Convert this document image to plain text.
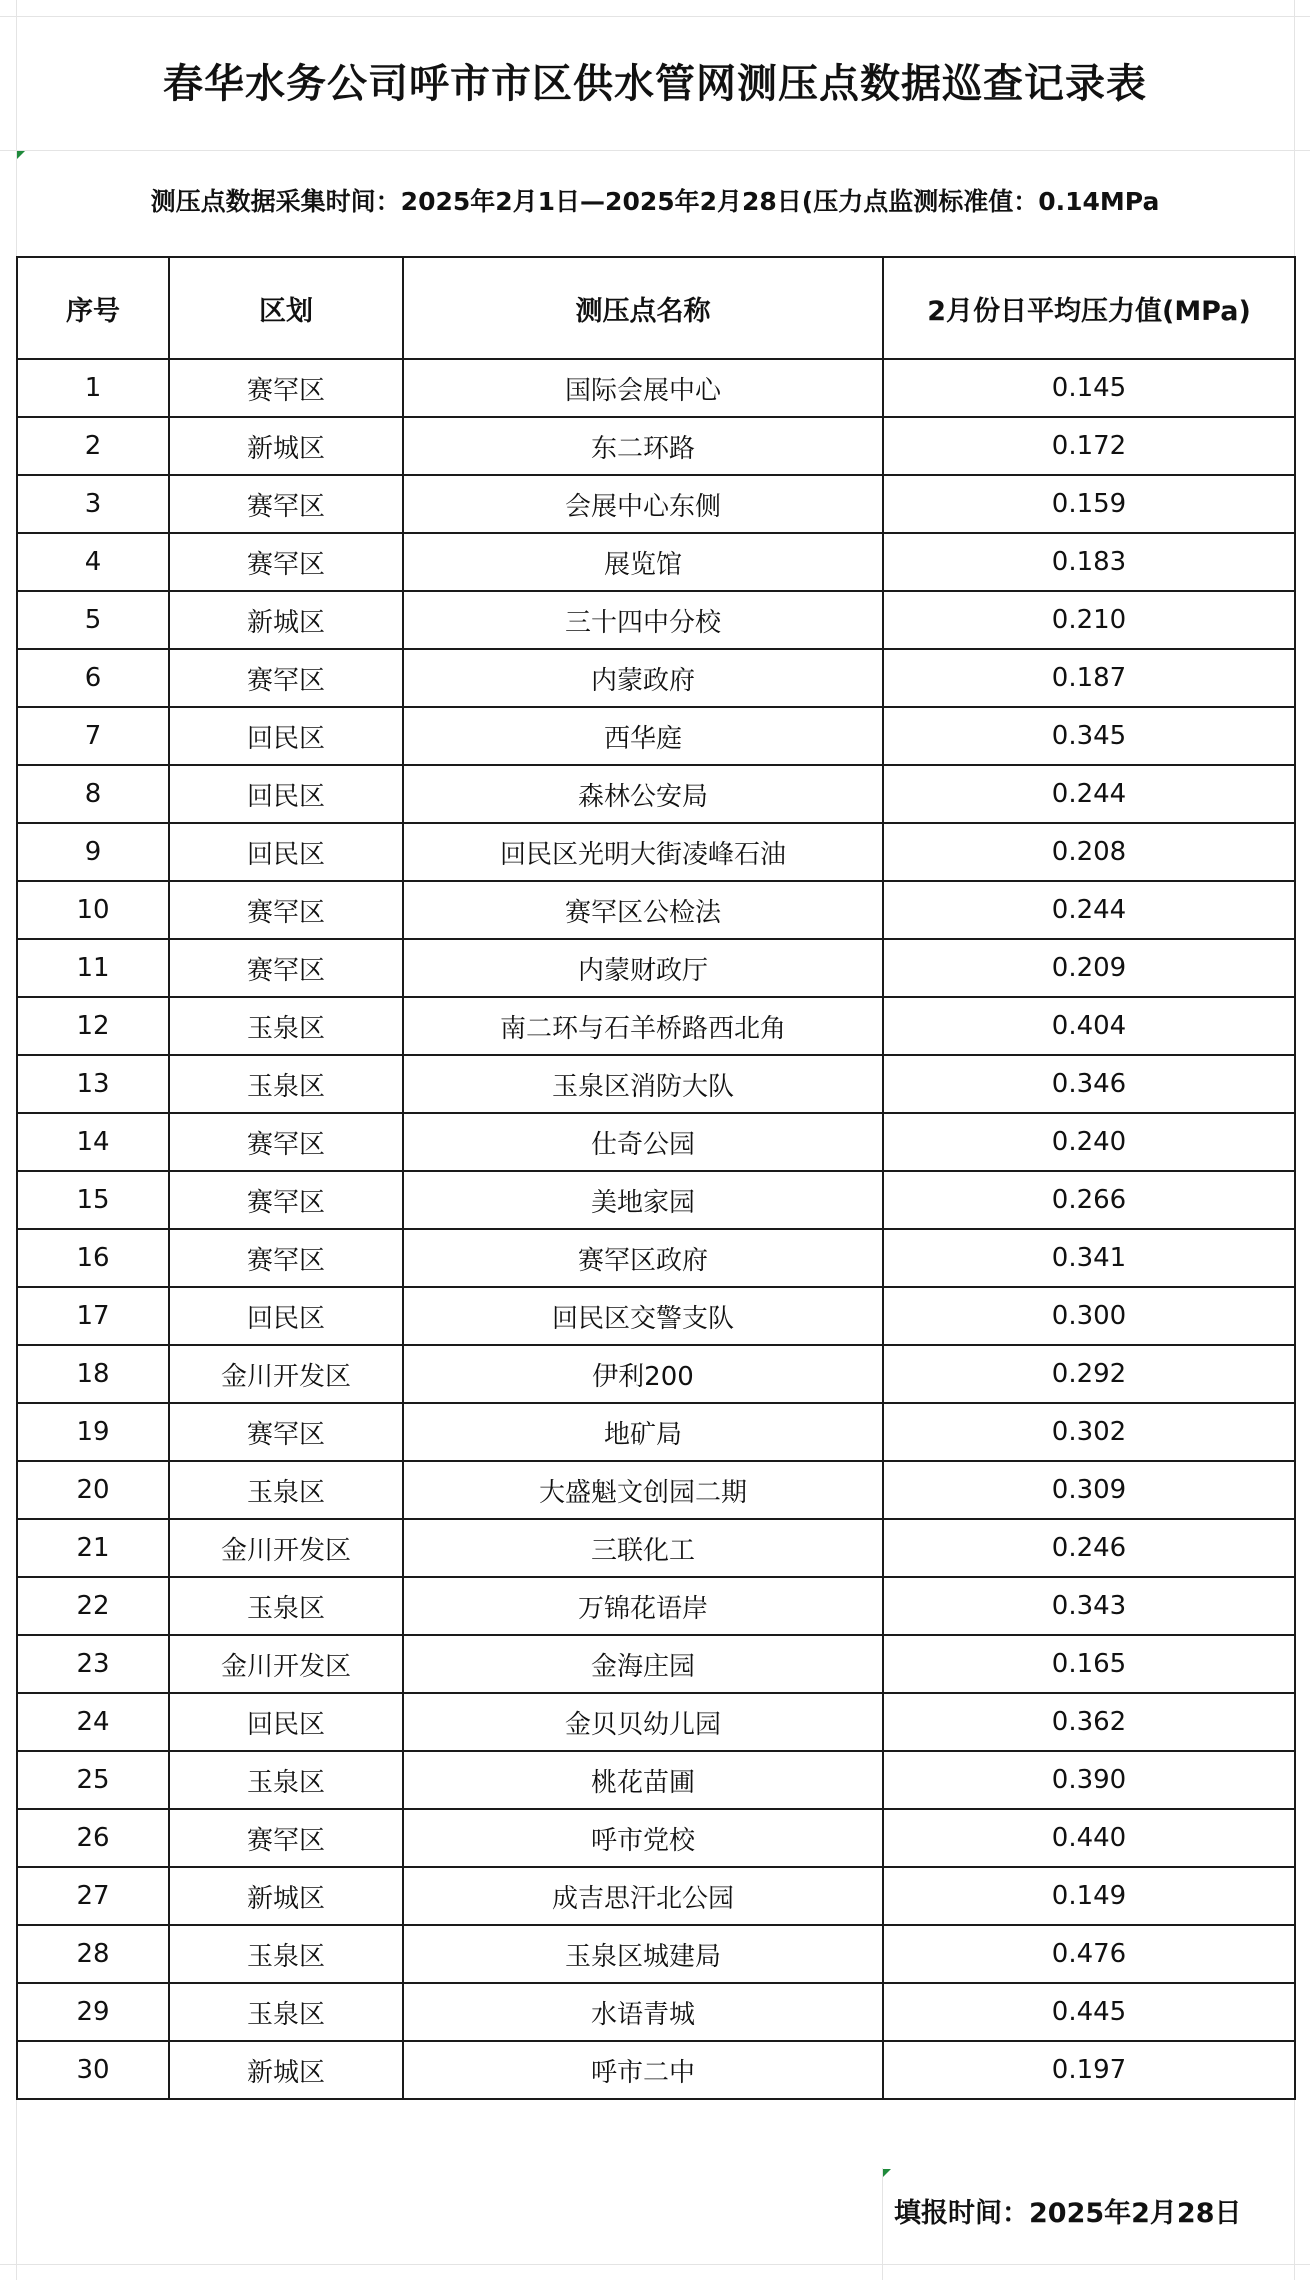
春华水务公司呼市市区供水管网测压点数据巡查记录表
测压点数据采集时间：2025年2月1日—2025年2月28日(压力点监测标准值：0.14MPa
序号	区划	测压点名称	2月份日平均压力值(MPa)
1	赛罕区	国际会展中心	0.145
2	新城区	东二环路	0.172
3	赛罕区	会展中心东侧	0.159
4	赛罕区	展览馆	0.183
5	新城区	三十四中分校	0.210
6	赛罕区	内蒙政府	0.187
7	回民区	西华庭	0.345
8	回民区	森林公安局	0.244
9	回民区	回民区光明大街凌峰石油	0.208
10	赛罕区	赛罕区公检法	0.244
11	赛罕区	内蒙财政厅	0.209
12	玉泉区	南二环与石羊桥路西北角	0.404
13	玉泉区	玉泉区消防大队	0.346
14	赛罕区	仕奇公园	0.240
15	赛罕区	美地家园	0.266
16	赛罕区	赛罕区政府	0.341
17	回民区	回民区交警支队	0.300
18	金川开发区	伊利200	0.292
19	赛罕区	地矿局	0.302
20	玉泉区	大盛魁文创园二期	0.309
21	金川开发区	三联化工	0.246
22	玉泉区	万锦花语岸	0.343
23	金川开发区	金海庄园	0.165
24	回民区	金贝贝幼儿园	0.362
25	玉泉区	桃花苗圃	0.390
26	赛罕区	呼市党校	0.440
27	新城区	成吉思汗北公园	0.149
28	玉泉区	玉泉区城建局	0.476
29	玉泉区	水语青城	0.445
30	新城区	呼市二中	0.197
填报时间：2025年2月28日
